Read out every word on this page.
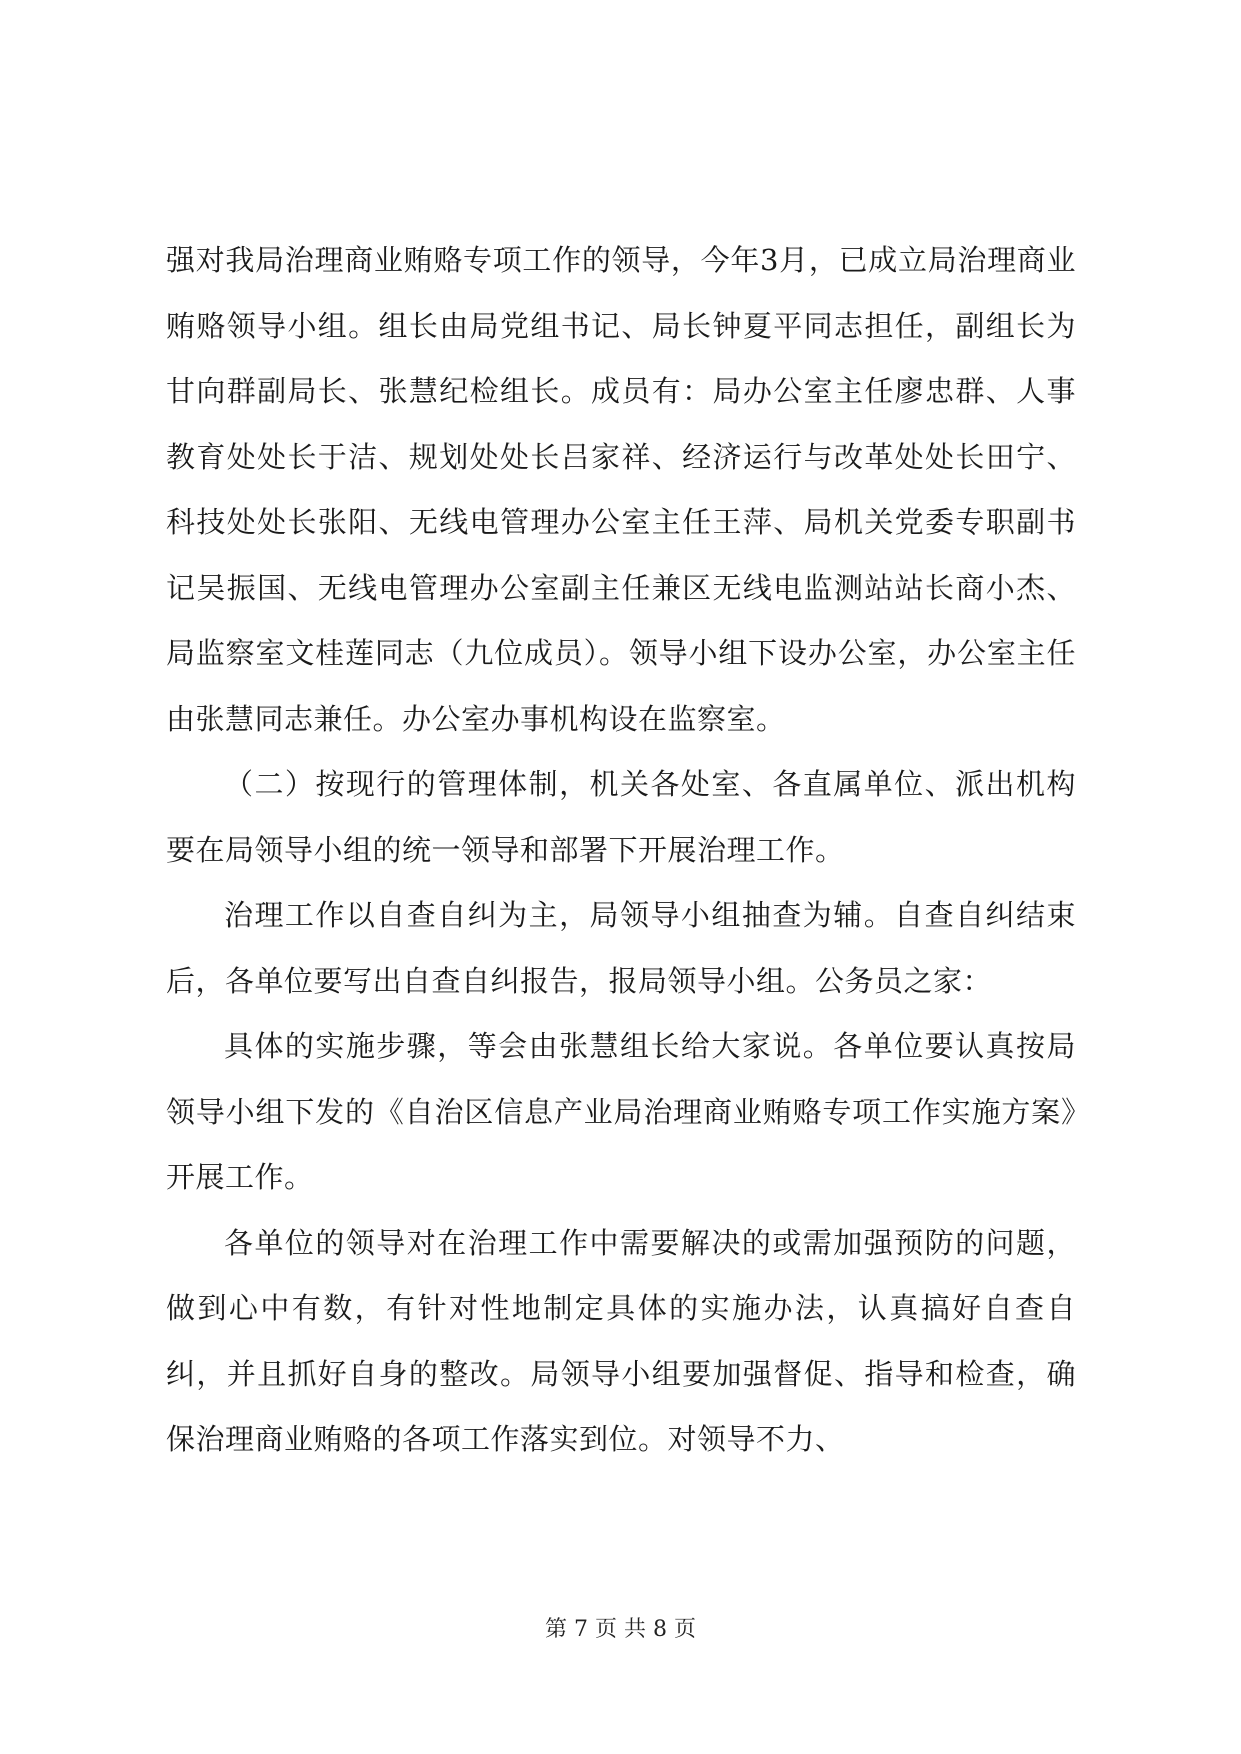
强对我局治理商业贿赂专项工作的领导，今年3月，已成立局治理商业贿赂领导小组。组长由局党组书记、局长钟夏平同志担任，副组长为甘向群副局长、张慧纪检组长。成员有：局办公室主任廖忠群、人事教育处处长于洁、规划处处长吕家祥、经济运行与改革处处长田宁、科技处处长张阳、无线电管理办公室主任王萍、局机关党委专职副书记吴振国、无线电管理办公室副主任兼区无线电监测站站长商小杰、局监察室文桂莲同志（九位成员）。领导小组下设办公室，办公室主任由张慧同志兼任。办公室办事机构设在监察室。

（二）按现行的管理体制，机关各处室、各直属单位、派出机构要在局领导小组的统一领导和部署下开展治理工作。

治理工作以自查自纠为主，局领导小组抽查为辅。自查自纠结束后，各单位要写出自查自纠报告，报局领导小组。公务员之家：

具体的实施步骤，等会由张慧组长给大家说。各单位要认真按局领导小组下发的《自治区信息产业局治理商业贿赂专项工作实施方案》开展工作。

各单位的领导对在治理工作中需要解决的或需加强预防的问题，做到心中有数，有针对性地制定具体的实施办法，认真搞好自查自纠，并且抓好自身的整改。局领导小组要加强督促、指导和检查，确保治理商业贿赂的各项工作落实到位。对领导不力、

第 7 页 共 8 页
